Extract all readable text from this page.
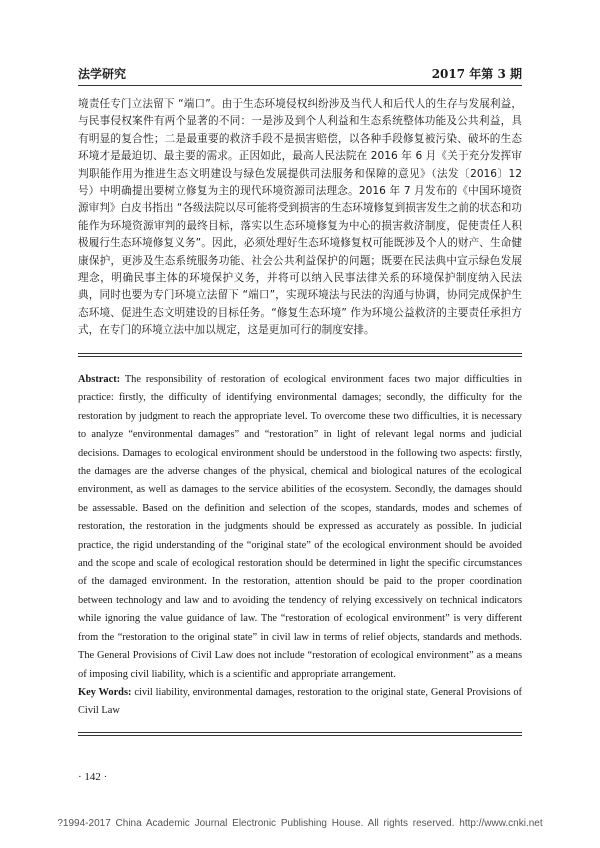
法学研究	2017 年第 3 期

境责任专门立法留下 “端口”。由于生态环境侵权纠纷涉及当代人和后代人的生存与发展利益，与民事侵权案件有两个显著的不同：一是涉及到个人利益和生态系统整体功能及公共利益，具有明显的复合性；二是最重要的救济手段不是损害赔偿，以各种手段修复被污染、破坏的生态环境才是最迫切、最主要的需求。正因如此，最高人民法院在 2016 年 6 月《关于充分发挥审判职能作用为推进生态文明建设与绿色发展提供司法服务和保障的意见》（法发〔2016〕12 号）中明确提出要树立修复为主的现代环境资源司法理念。2016 年 7 月发布的《中国环境资源审判》白皮书指出 “各级法院以尽可能将受到损害的生态环境修复到损害发生之前的状态和功能作为环境资源审判的最终目标，落实以生态环境修复为中心的损害救济制度，促使责任人积极履行生态环境修复义务”。因此，必须处理好生态环境修复权可能既涉及个人的财产、生命健康保护，更涉及生态系统服务功能、社会公共利益保护的问题；既要在民法典中宣示绿色发展理念，明确民事主体的环境保护义务，并将可以纳入民事法律关系的环境保护制度纳入民法典，同时也要为专门环境立法留下 “端口”，实现环境法与民法的沟通与协调，协同完成保护生态环境、促进生态文明建设的目标任务。“修复生态环境” 作为环境公益救济的主要责任承担方式，在专门的环境立法中加以规定，这是更加可行的制度安排。

Abstract: The responsibility of restoration of ecological environment faces two major difficulties in practice: firstly, the difficulty of identifying environmental damages; secondly, the difficulty for the restoration by judgment to reach the appropriate level. To overcome these two difficulties, it is necessary to analyze “environmental damages” and “restoration” in light of relevant legal norms and judicial decisions. Damages to ecological environment should be understood in the following two aspects: firstly, the damages are the adverse changes of the physical, chemical and biological natures of the ecological environment, as well as damages to the service abilities of the ecosystem. Secondly, the damages should be assessable. Based on the definition and selection of the scopes, standards, modes and schemes of restoration, the restoration in the judgments should be expressed as accurately as possible. In judicial practice, the rigid understanding of the “original state” of the ecological environment should be avoided and the scope and scale of ecological restoration should be determined in light the specific circumstances of the damaged environment. In the restoration, attention should be paid to the proper coordination between technology and law and to avoiding the tendency of relying excessively on technical indicators while ignoring the value guidance of law. The “restoration of ecological environment” is very different from the “restoration to the original state” in civil law in terms of relief objects, standards and methods. The General Provisions of Civil Law does not include “restoration of ecological environment” as a means of imposing civil liability, which is a scientific and appropriate arrangement.

Key Words: civil liability, environmental damages, restoration to the original state, General Provisions of Civil Law

· 142 ·
?1994-2017 China Academic Journal Electronic Publishing House. All rights reserved. http://www.cnki.net
